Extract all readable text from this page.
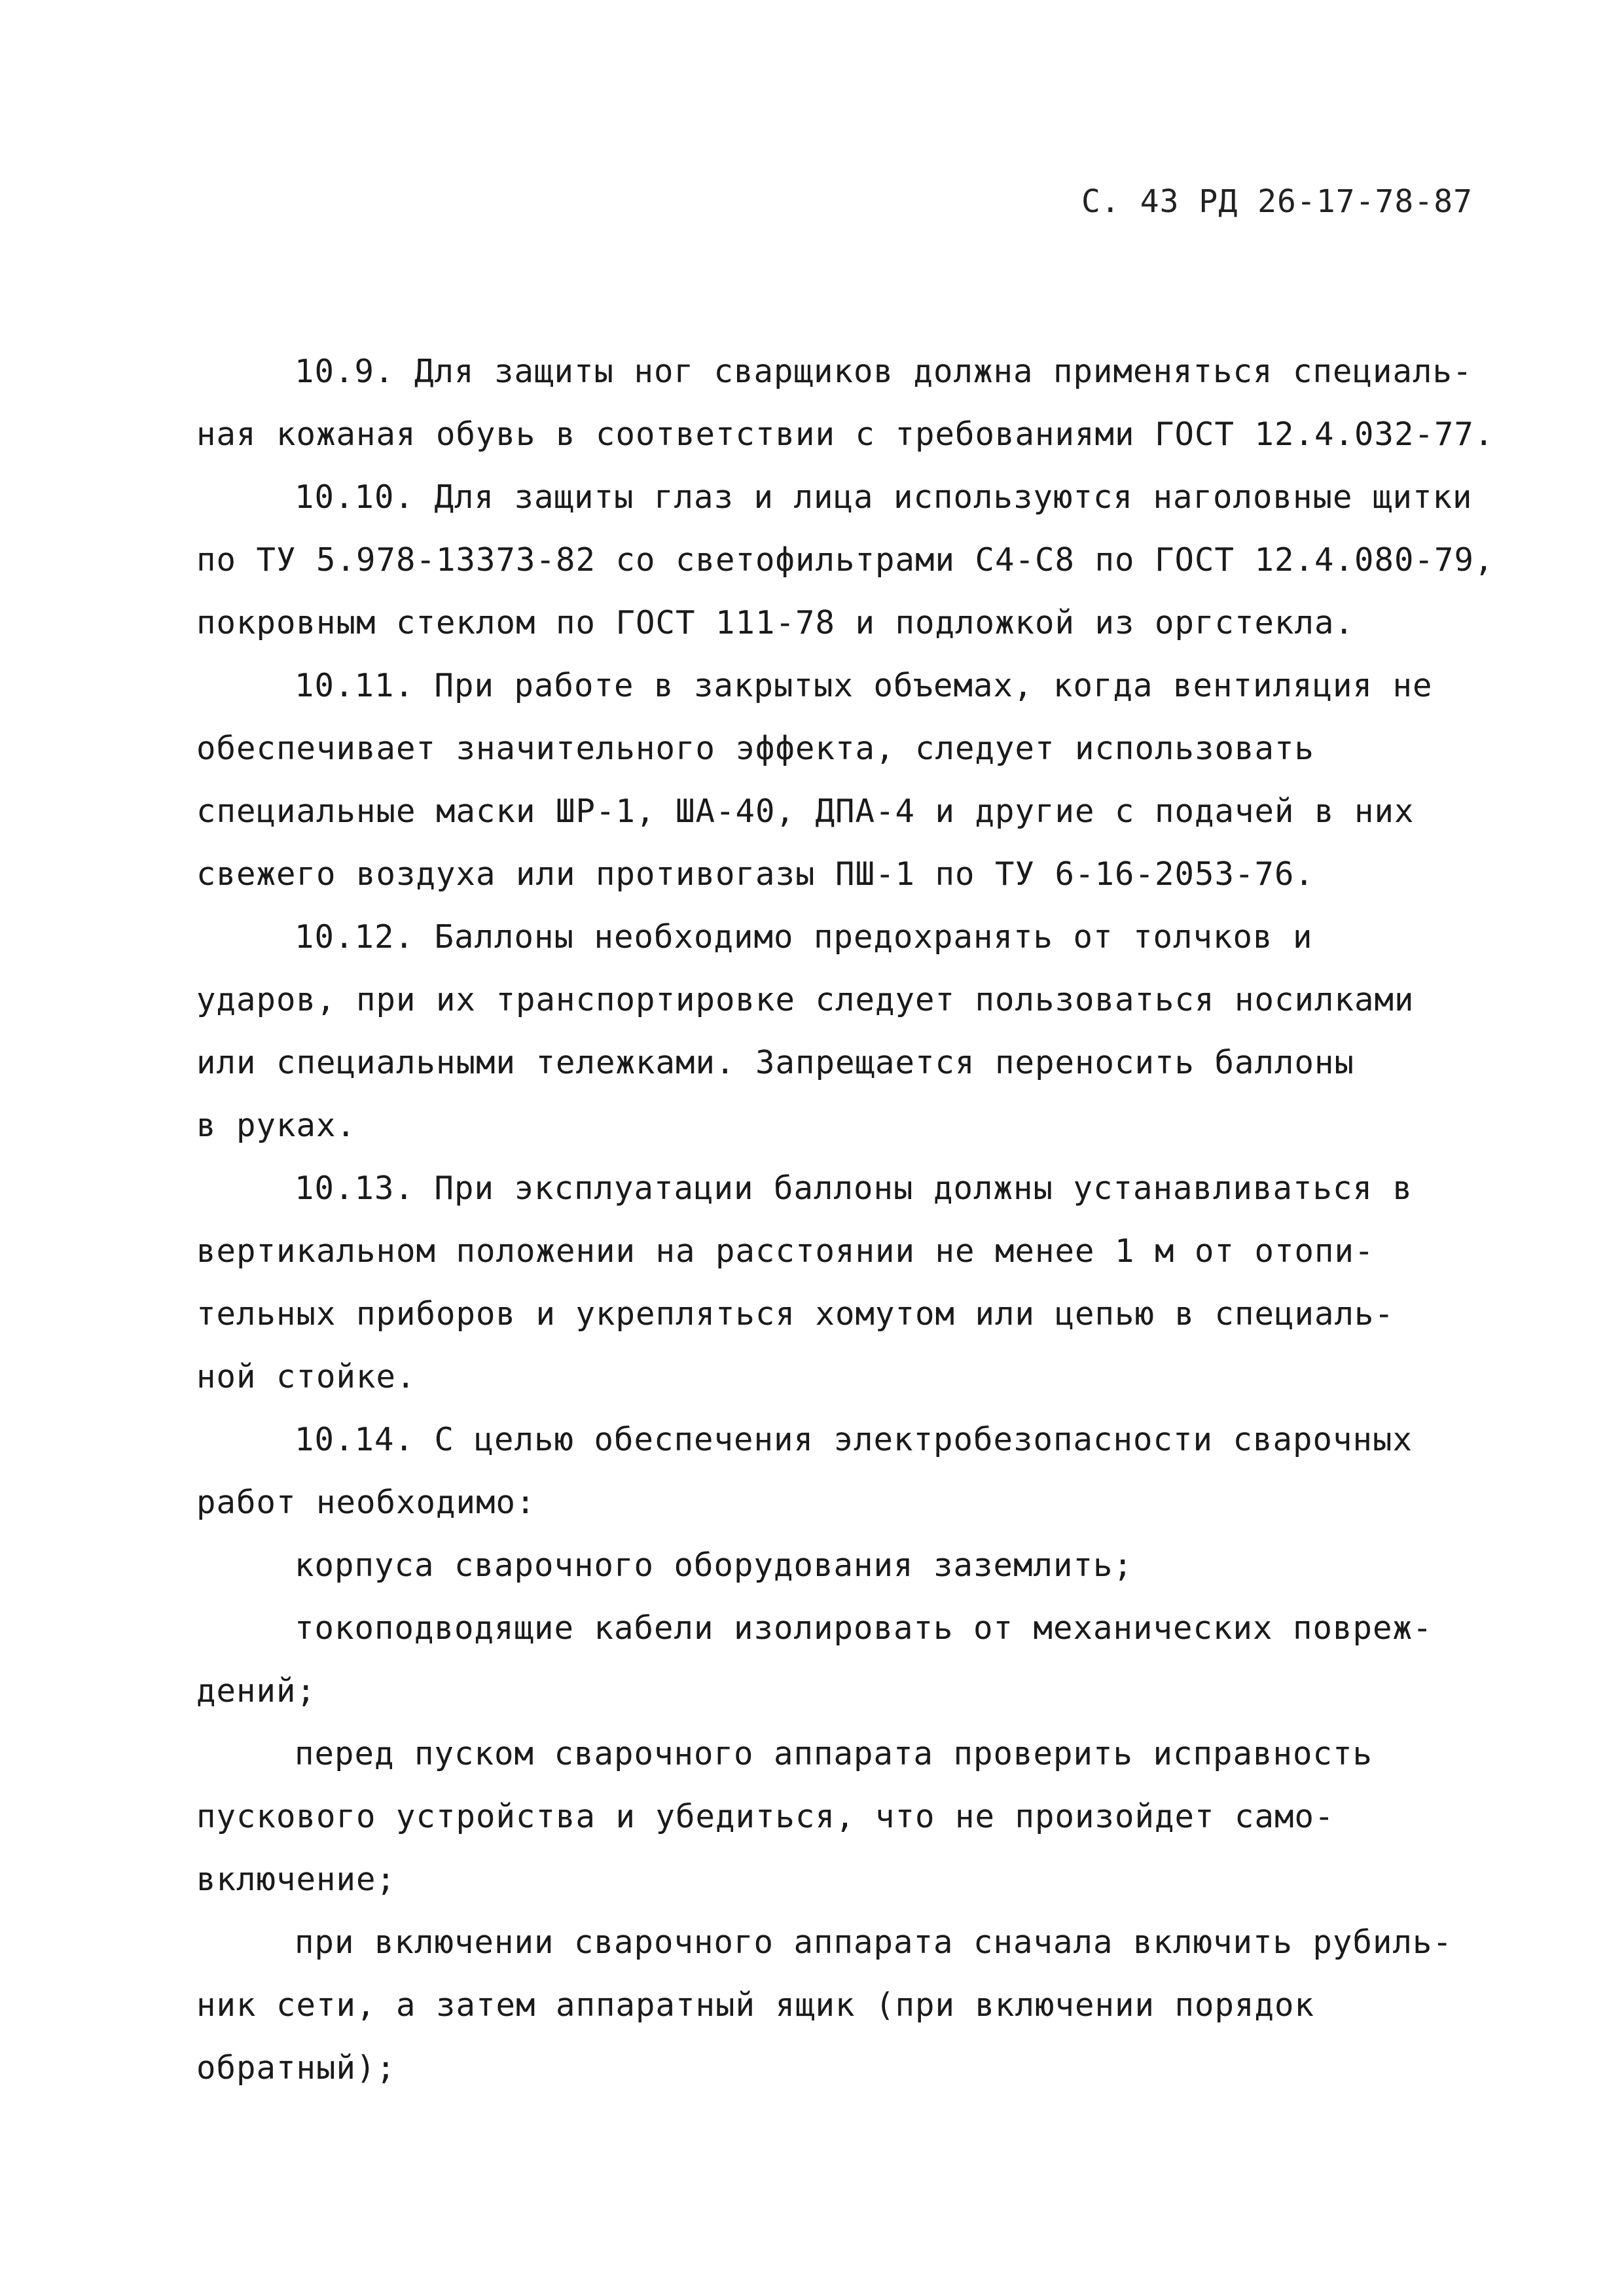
С. 43 РД 26-17-78-87
10.9. Для защиты ног сварщиков должна применяться специаль-
ная кожаная обувь в соответствии с требованиями ГОСТ 12.4.032-77.
10.10. Для защиты глаз и лица используются наголовные щитки
по ТУ 5.978-13373-82 со светофильтрами С4-С8 по ГОСТ 12.4.080-79,
покровным стеклом по ГОСТ 111-78 и подложкой из оргстекла.
10.11. При работе в закрытых объемах, когда вентиляция не
обеспечивает значительного эффекта, следует использовать
специальные маски ШР-1, ША-40, ДПА-4 и другие с подачей в них
свежего воздуха или противогазы ПШ-1 по ТУ 6-16-2053-76.
10.12. Баллоны необходимо предохранять от толчков и
ударов, при их транспортировке следует пользоваться носилками
или специальными тележками. Запрещается переносить баллоны
в руках.
10.13. При эксплуатации баллоны должны устанавливаться в
вертикальном положении на расстоянии не менее 1 м от отопи-
тельных приборов и укрепляться хомутом или цепью в специаль-
ной стойке.
10.14. С целью обеспечения электробезопасности сварочных
работ необходимо:
корпуса сварочного оборудования заземлить;
токоподводящие кабели изолировать от механических повреж-
дений;
перед пуском сварочного аппарата проверить исправность
пускового устройства и убедиться, что не произойдет само-
включение;
при включении сварочного аппарата сначала включить рубиль-
ник сети, а затем аппаратный ящик (при включении порядок
обратный);
